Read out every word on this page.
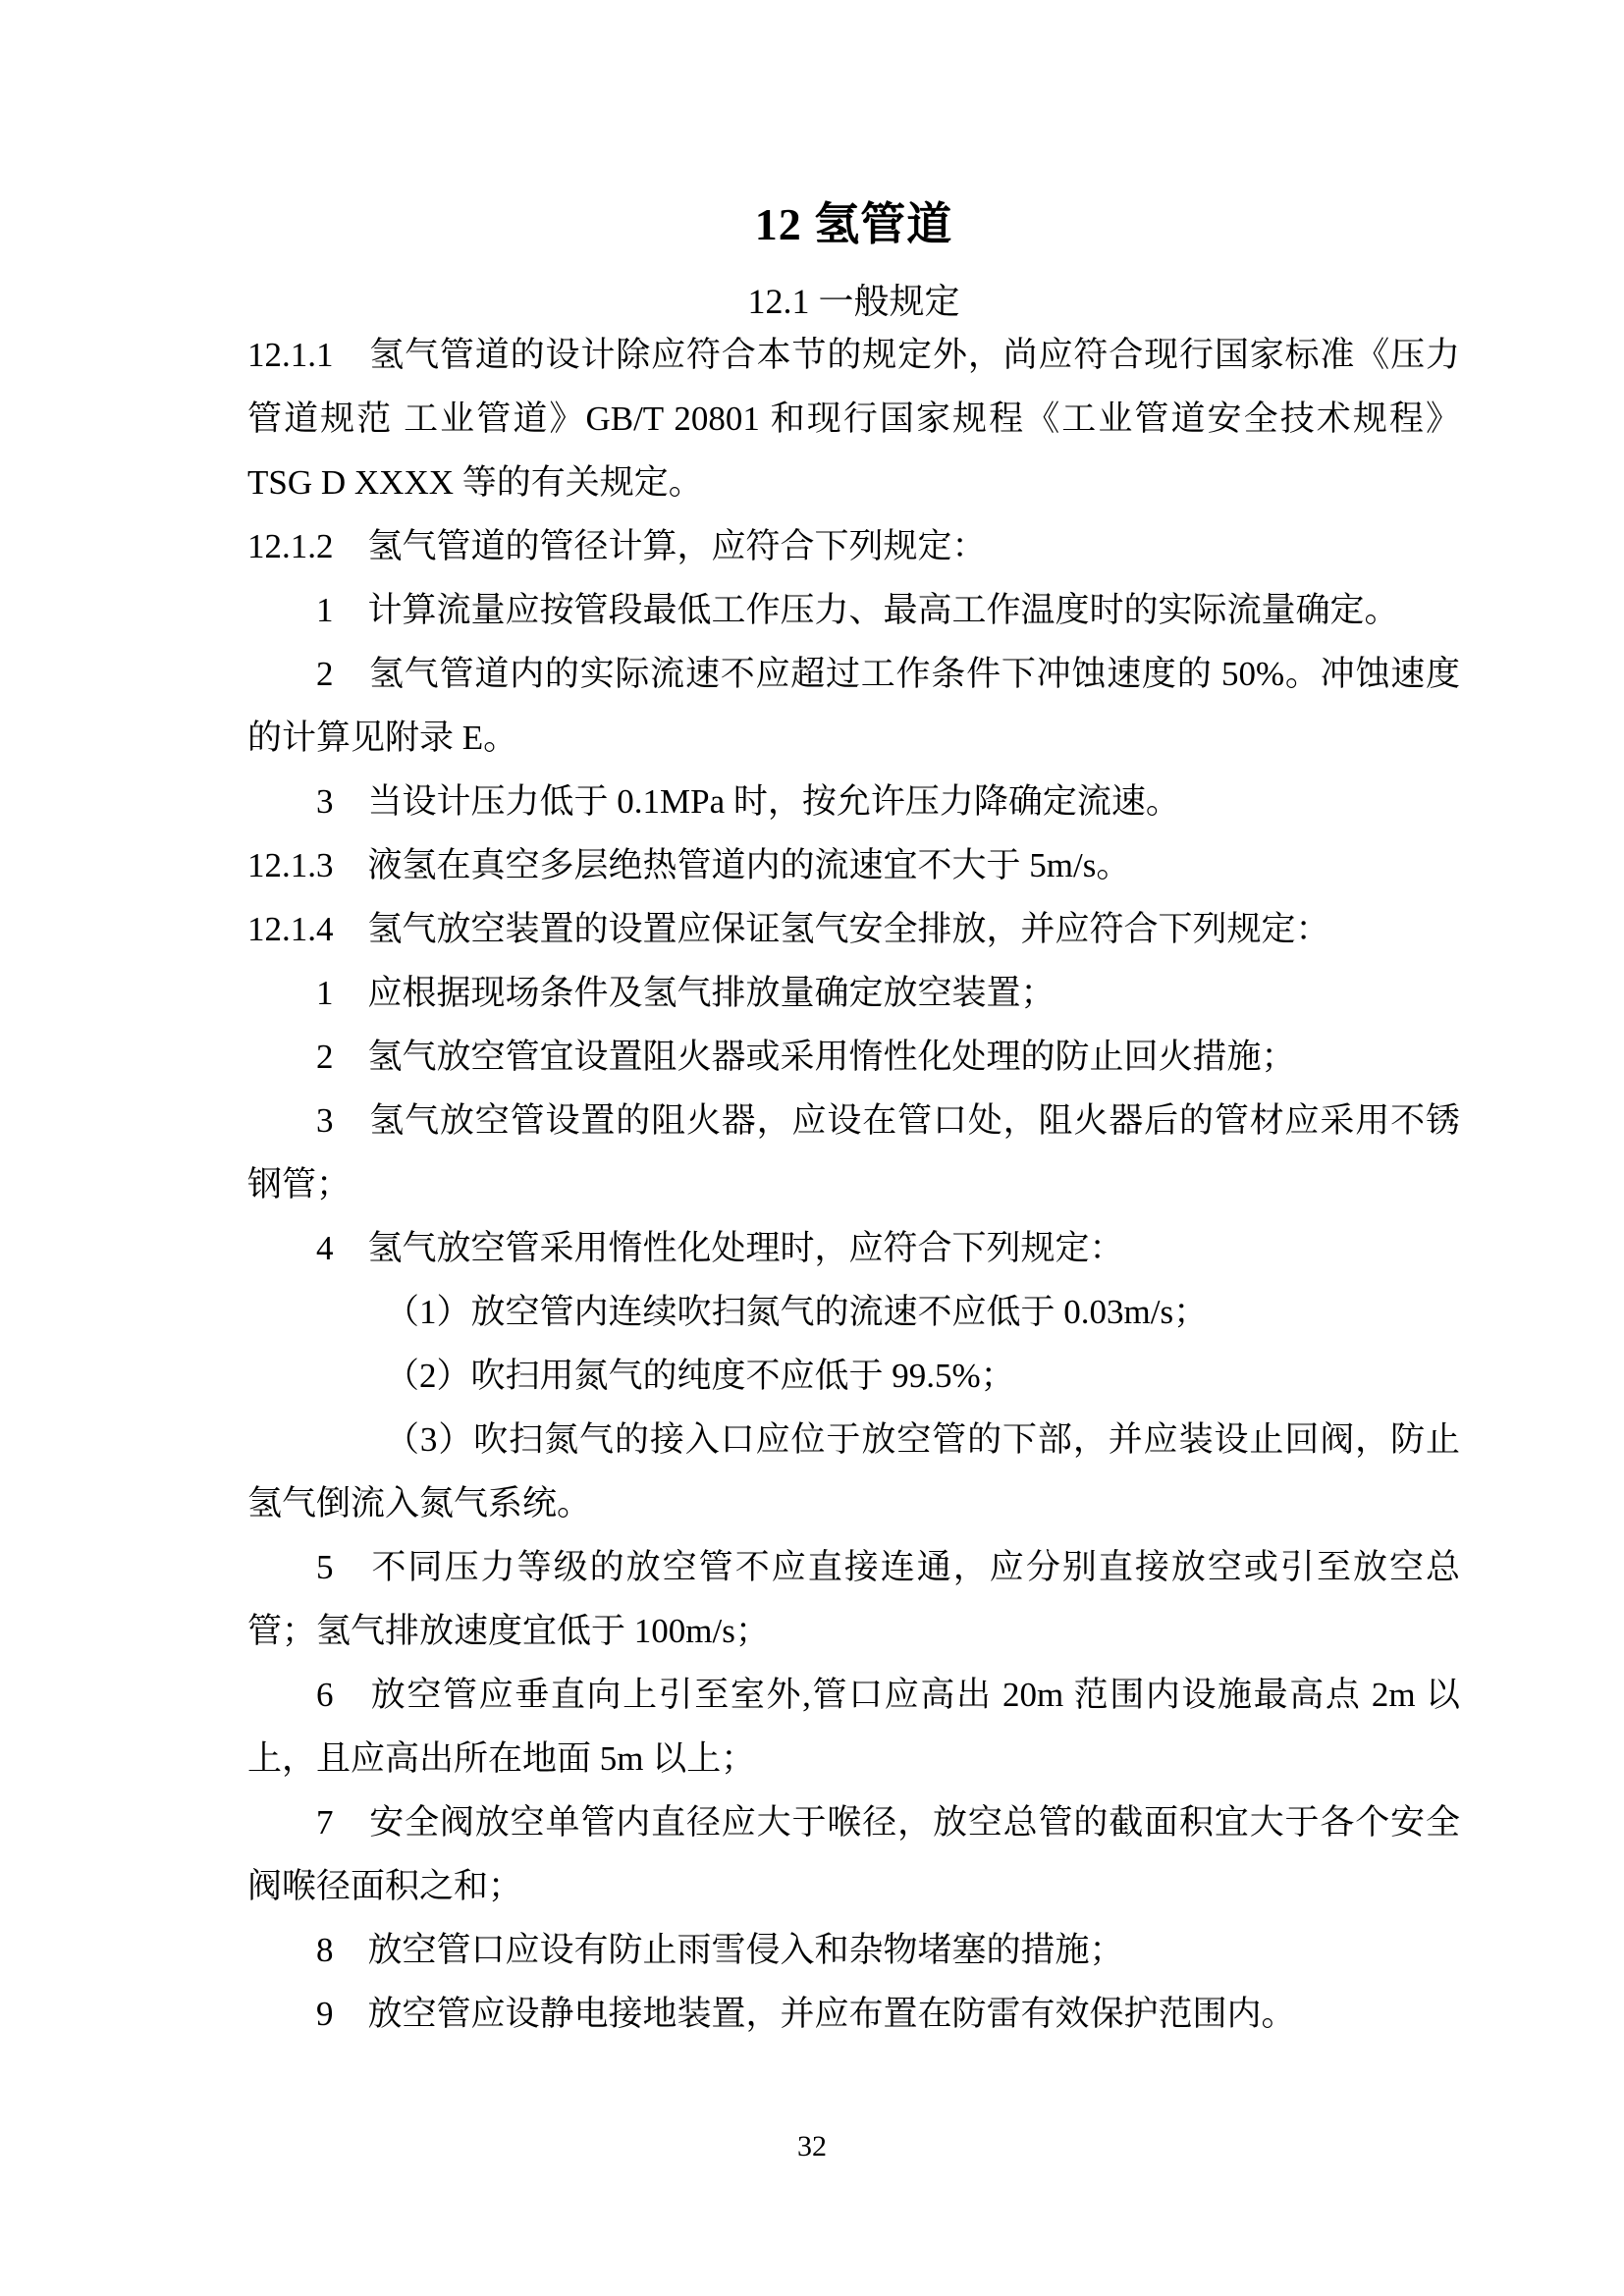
12 氢管道
12.1 一般规定

12.1.1　氢气管道的设计除应符合本节的规定外，尚应符合现行国家标准《压力管道规范 工业管道》GB/T 20801 和现行国家规程《工业管道安全技术规程》TSG D XXXX 等的有关规定。

12.1.2　氢气管道的管径计算，应符合下列规定：

1　计算流量应按管段最低工作压力、最高工作温度时的实际流量确定。

2　氢气管道内的实际流速不应超过工作条件下冲蚀速度的 50%。冲蚀速度的计算见附录 E。

3　当设计压力低于 0.1MPa 时，按允许压力降确定流速。

12.1.3　液氢在真空多层绝热管道内的流速宜不大于 5m/s。

12.1.4　氢气放空装置的设置应保证氢气安全排放，并应符合下列规定：

1　应根据现场条件及氢气排放量确定放空装置；

2　氢气放空管宜设置阻火器或采用惰性化处理的防止回火措施；

3　氢气放空管设置的阻火器，应设在管口处，阻火器后的管材应采用不锈钢管；

4　氢气放空管采用惰性化处理时，应符合下列规定：

（1）放空管内连续吹扫氮气的流速不应低于 0.03m/s；

（2）吹扫用氮气的纯度不应低于 99.5%；

（3）吹扫氮气的接入口应位于放空管的下部，并应装设止回阀，防止氢气倒流入氮气系统。

5　不同压力等级的放空管不应直接连通，应分别直接放空或引至放空总管；氢气排放速度宜低于 100m/s；

6　放空管应垂直向上引至室外,管口应高出 20m 范围内设施最高点 2m 以上，且应高出所在地面 5m 以上；

7　安全阀放空单管内直径应大于喉径，放空总管的截面积宜大于各个安全阀喉径面积之和；

8　放空管口应设有防止雨雪侵入和杂物堵塞的措施；

9　放空管应设静电接地装置，并应布置在防雷有效保护范围内。

32
